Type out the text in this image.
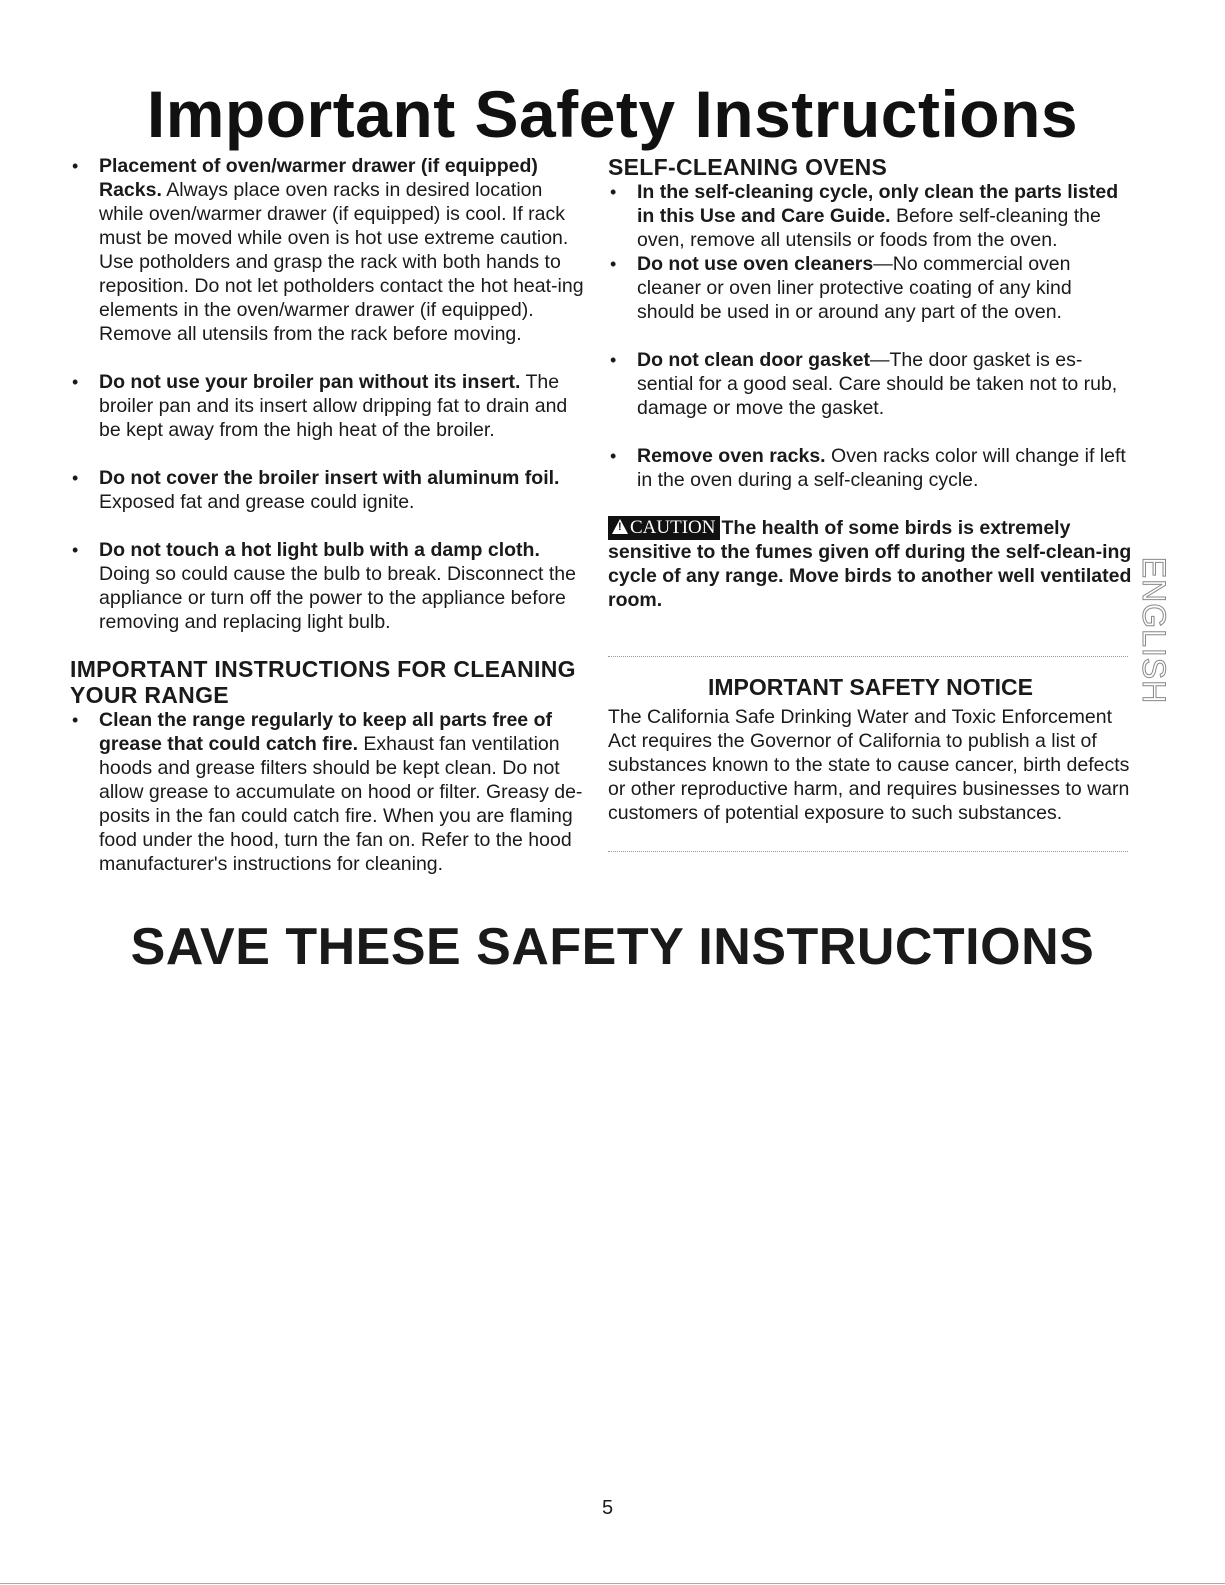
Important Safety Instructions

• Placement of oven/warmer drawer (if equipped) Racks. Always place oven racks in desired location while oven/warmer drawer (if equipped) is cool. If rack must be moved while oven is hot use extreme caution. Use potholders and grasp the rack with both hands to reposition. Do not let potholders contact the hot heat-ing elements in the oven/warmer drawer (if equipped). Remove all utensils from the rack before moving.

• Do not use your broiler pan without its insert. The broiler pan and its insert allow dripping fat to drain and be kept away from the high heat of the broiler.

• Do not cover the broiler insert with aluminum foil. Exposed fat and grease could ignite.

• Do not touch a hot light bulb with a damp cloth. Doing so could cause the bulb to break. Disconnect the appliance or turn off the power to the appliance before removing and replacing light bulb.

IMPORTANT INSTRUCTIONS FOR CLEANING YOUR RANGE

• Clean the range regularly to keep all parts free of grease that could catch fire. Exhaust fan ventilation hoods and grease filters should be kept clean. Do not allow grease to accumulate on hood or filter. Greasy de-posits in the fan could catch fire. When you are flaming food under the hood, turn the fan on. Refer to the hood manufacturer's instructions for cleaning.

SELF-CLEANING OVENS

• In the self-cleaning cycle, only clean the parts listed in this Use and Care Guide. Before self-cleaning the oven, remove all utensils or foods from the oven.

• Do not use oven cleaners—No commercial oven cleaner or oven liner protective coating of any kind should be used in or around any part of the oven.

• Do not clean door gasket—The door gasket is es-sential for a good seal. Care should be taken not to rub, damage or move the gasket.

• Remove oven racks. Oven racks color will change if left in the oven during a self-cleaning cycle.

! CAUTION The health of some birds is extremely sensitive to the fumes given off during the self-clean-ing cycle of any range. Move birds to another well ventilated room.

IMPORTANT SAFETY NOTICE

The California Safe Drinking Water and Toxic Enforcement Act requires the Governor of California to publish a list of substances known to the state to cause cancer, birth defects or other reproductive harm, and requires businesses to warn customers of potential exposure to such substances.

ENGLISH
SAVE THESE SAFETY INSTRUCTIONS

5
